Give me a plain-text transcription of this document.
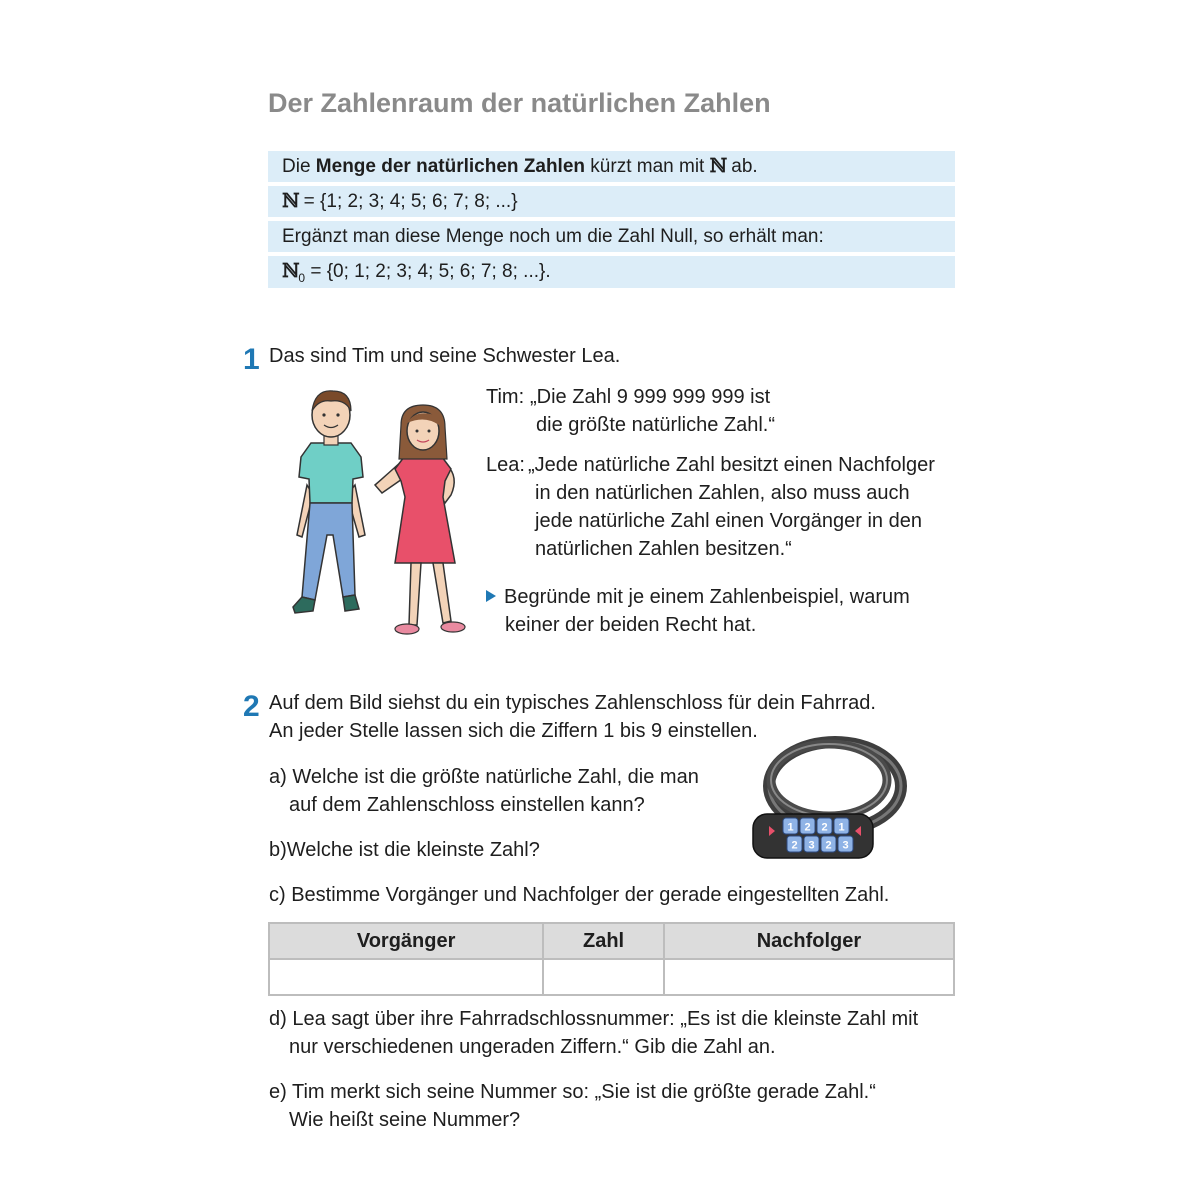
Der Zahlenraum der natürlichen Zahlen
Die Menge der natürlichen Zahlen kürzt man mit ℕ ab.
ℕ = {1; 2; 3; 4; 5; 6; 7; 8; ...}
Ergänzt man diese Menge noch um die Zahl Null, so erhält man:
ℕ$_0$ = {0; 1; 2; 3; 4; 5; 6; 7; 8; ...}.
1 Das sind Tim und seine Schwester Lea.
Tim: „Die Zahl 9 999 999 999 ist
die größte natürliche Zahl.“
Lea: „Jede natürliche Zahl besitzt einen Nachfolger
in den natürlichen Zahlen, also muss auch
jede natürliche Zahl einen Vorgänger in den
natürlichen Zahlen besitzen.“
Begründe mit je einem Zahlenbeispiel, warum
keiner der beiden Recht hat.
2 Auf dem Bild siehst du ein typisches Zahlenschloss für dein Fahrrad.
An jeder Stelle lassen sich die Ziffern 1 bis 9 einstellen.
a) Welche ist die größte natürliche Zahl, die man
auf dem Zahlenschloss einstellen kann?
1 2 2 1
2 3 2 3
b)Welche ist die kleinste Zahl?
c) Bestimme Vorgänger und Nachfolger der gerade eingestellten Zahl.
Vorgänger	Zahl	Nachfolger

d) Lea sagt über ihre Fahrradschlossnummer: „Es ist die kleinste Zahl mit
nur verschiedenen ungeraden Ziffern.“ Gib die Zahl an.
e) Tim merkt sich seine Nummer so: „Sie ist die größte gerade Zahl.“
Wie heißt seine Nummer?
